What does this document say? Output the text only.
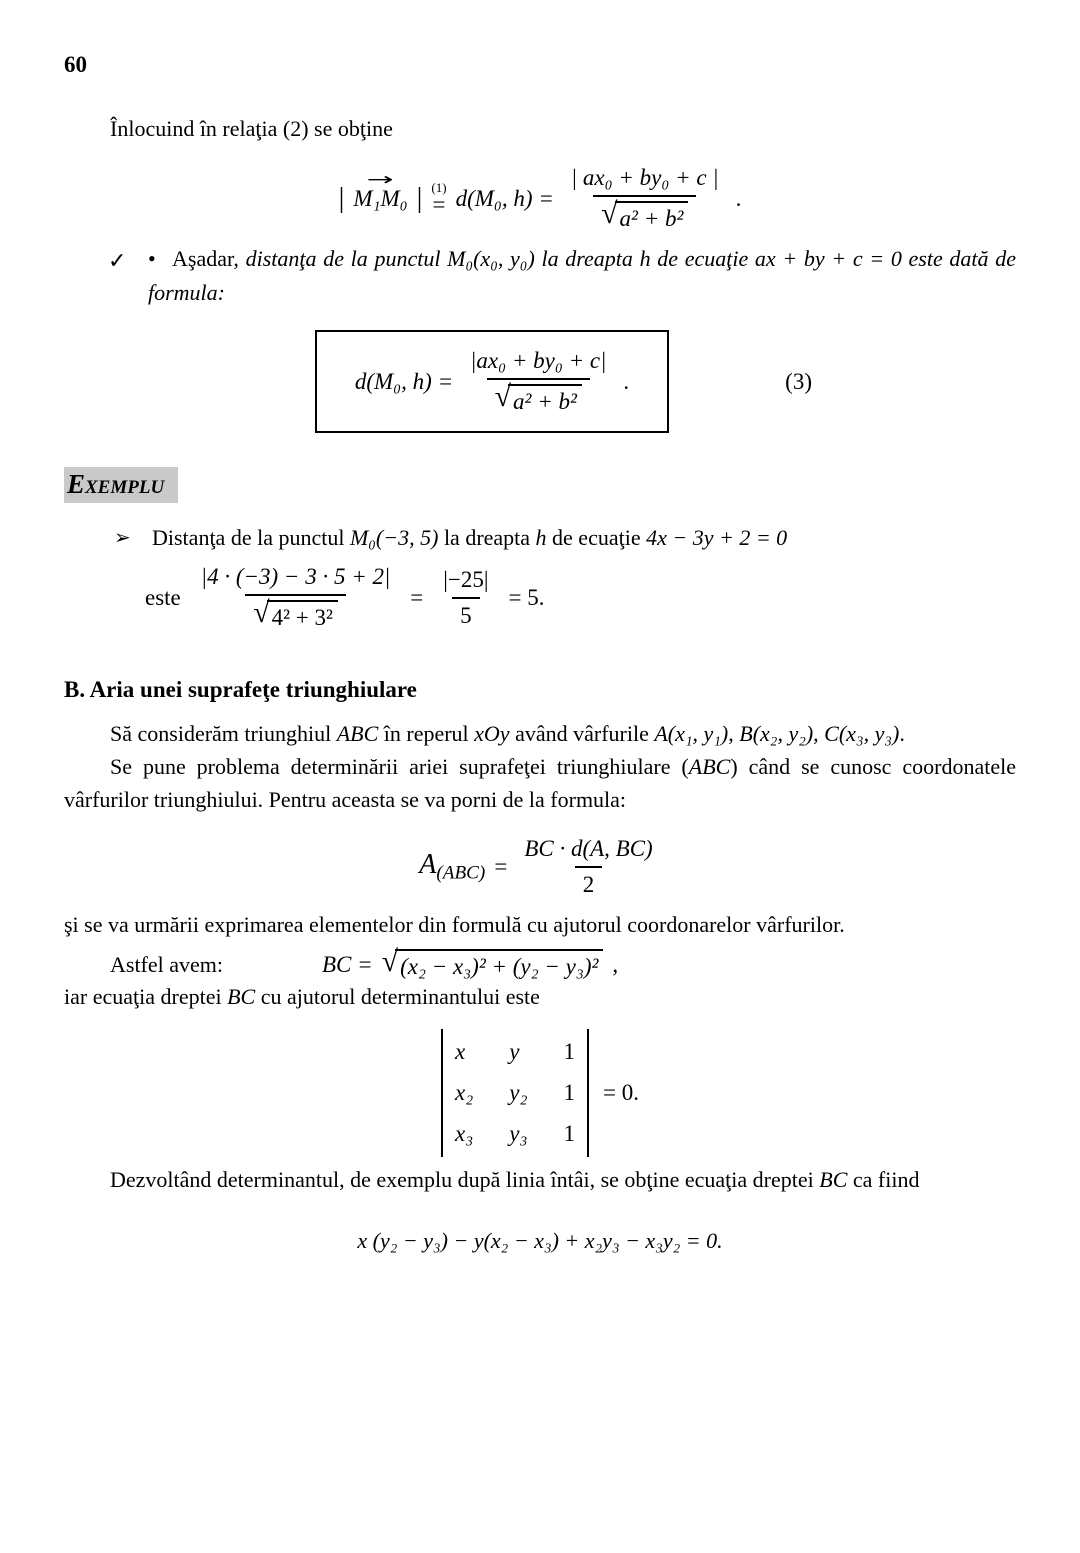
60

Înlocuind în relaţia (2) se obţine

| M₁M₀ → | (1)
= d(M₀, $h) = \frac{\text{| ax₀ + by₀ + c |}}{\text{√ a² + b²}}$ .
✓ • Aşadar, distanţa de la punctul M₀(x₀, y₀) la dreapta h de ecuaţie ax + by + c = 0 este dată de formula:
d(M₀, $h) = \frac{\text{|ax₀ + by₀ + c|}}{\text{√ a² + b²}}$ .	(3)
Exemplu
➢ Distanţa de la punctul M₀(−3, 5) la dreapta h de ecuaţie 4x − 3y + 2 = 0
este $\frac{|4 \cdot (-3) - 3 \cdot 5 + 2|}{\text{√ 4² + 3²}} = \frac{|-25|}{5} = 5$.
B. Aria unei suprafeţe triunghiulare

Să considerăm triunghiul ABC în reperul xOy având vârfurile A(x₁, y₁), B(x₂, y₂), C(x₃, y₃).

Se pune problema determinării ariei suprafeţei triunghiulare (ABC) când se cunosc coordonatele vârfurilor triunghiului. Pentru aceasta se va porni de la formula:

$A_{(ABC)} = \frac{BC \cdot d(A, BC)}{2}$

şi se va urmării exprimarea elementelor din formulă cu ajutorul coordonarelor vârfurilor.

Astfel avem:	BC = √ (x₂ − x₃)² + (y₂ − y₃)² ,

iar ecuaţia dreptei BC cu ajutorul determinantului este

x	y	1
x₂ y₂ 1
x₃ y₃ 1
= 0.

Dezvoltând determinantul, de exemplu după linia întâi, se obţine ecuaţia dreptei BC ca fiind

x (y₂ − y₃) − y(x₂ − x₃) + x₂y₃ − x₃y₂ = 0.
